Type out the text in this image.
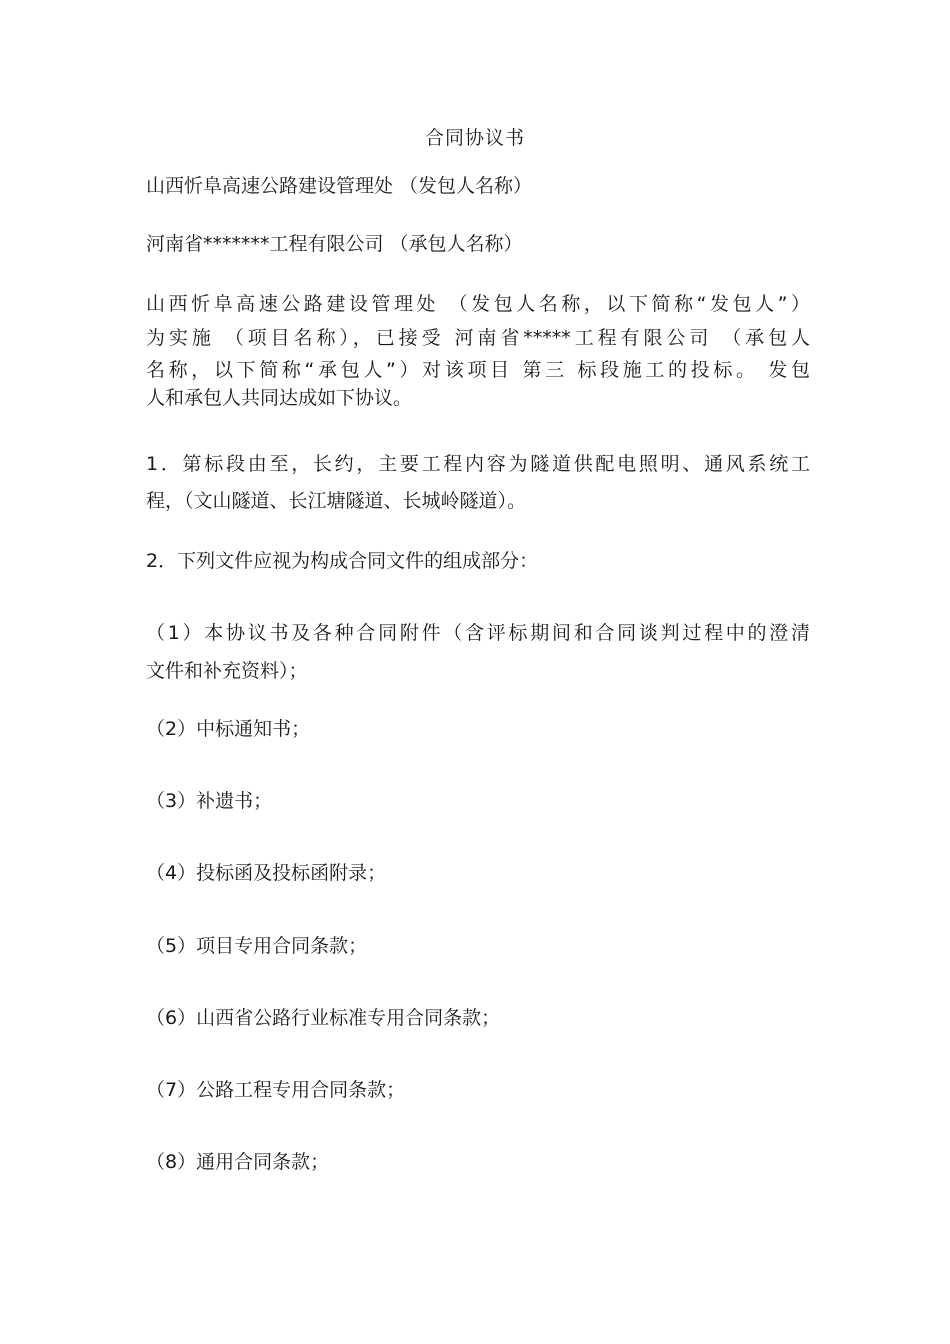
合同协议书
山西忻阜高速公路建设管理处 （发包人名称）
河南省*******工程有限公司 （承包人名称）
山西忻阜高速公路建设管理处 （发包人名称，以下简称“发包人”）
为实施 （项目名称），已接受 河南省*****工程有限公司 （承包人
名称，以下简称“承包人”）对该项目 第三 标段施工的投标。 发包
人和承包人共同达成如下协议。
1．第标段由至，长约，主要工程内容为隧道供配电照明、通风系统工
程，（文山隧道、长江塘隧道、长城岭隧道）。
2．下列文件应视为构成合同文件的组成部分：
（1）本协议书及各种合同附件（含评标期间和合同谈判过程中的澄清
文件和补充资料）；
（2）中标通知书；
（3）补遗书；
（4）投标函及投标函附录；
（5）项目专用合同条款；
（6）山西省公路行业标准专用合同条款；
（7）公路工程专用合同条款；
（8）通用合同条款；
